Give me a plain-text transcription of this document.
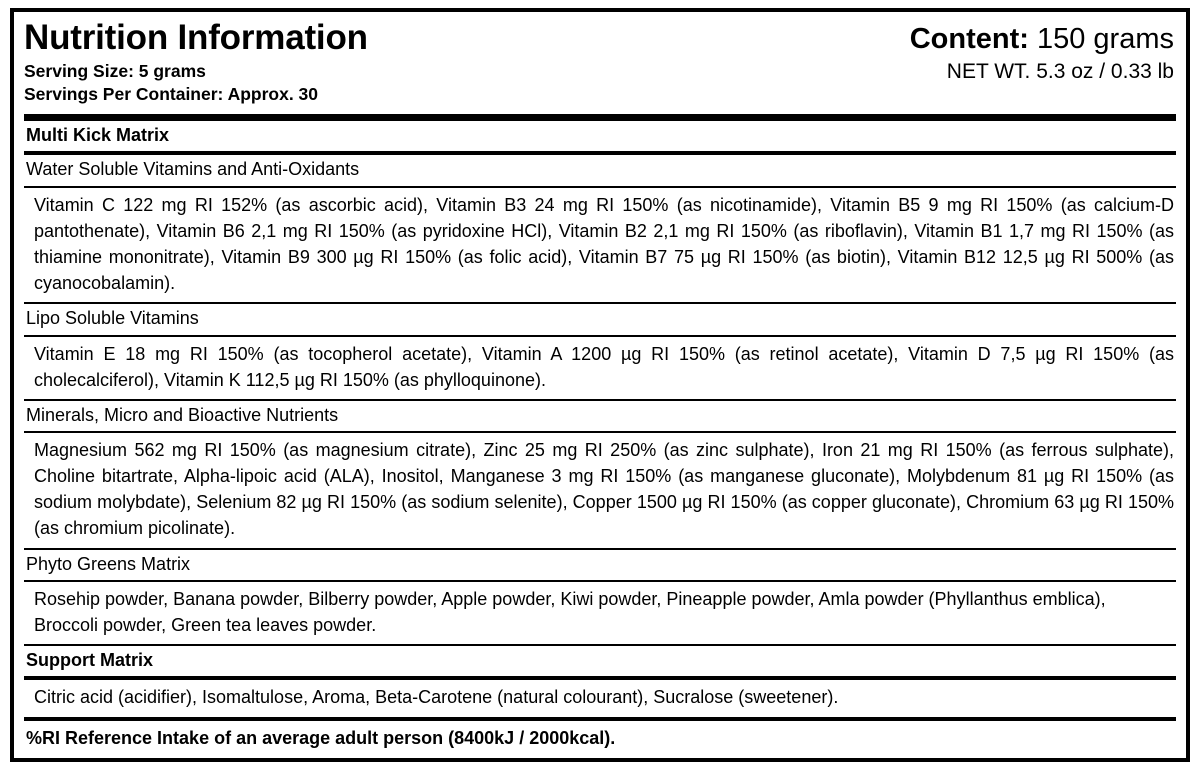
Nutrition Information
Serving Size: 5 grams
Servings Per Container: Approx. 30
Content: 150 grams
NET WT. 5.3 oz / 0.33 lb
Multi Kick Matrix
Water Soluble Vitamins and Anti-Oxidants
Vitamin C 122 mg RI 152% (as ascorbic acid), Vitamin B3 24 mg RI 150% (as nicotinamide), Vitamin B5 9 mg RI 150% (as calcium-D pantothenate), Vitamin B6 2,1 mg RI 150% (as pyridoxine HCl), Vitamin B2 2,1 mg RI 150% (as riboflavin), Vitamin B1 1,7 mg RI 150% (as thiamine mononitrate), Vitamin B9 300 µg RI 150% (as folic acid), Vitamin B7 75 µg RI 150% (as biotin), Vitamin B12 12,5 µg RI 500% (as cyanocobalamin).
Lipo Soluble Vitamins
Vitamin E 18 mg RI 150% (as tocopherol acetate), Vitamin A 1200 µg RI 150% (as retinol acetate), Vitamin D 7,5 µg RI 150% (as cholecalciferol), Vitamin K 112,5 µg RI 150% (as phylloquinone).
Minerals, Micro and Bioactive Nutrients
Magnesium 562 mg RI 150% (as magnesium citrate), Zinc 25 mg RI 250% (as zinc sulphate), Iron 21 mg RI 150% (as ferrous sulphate), Choline bitartrate, Alpha-lipoic acid (ALA), Inositol, Manganese 3 mg RI 150% (as manganese gluconate), Molybdenum 81 µg RI 150% (as sodium molybdate), Selenium 82 µg RI 150% (as sodium selenite), Copper 1500 µg RI 150% (as copper gluconate), Chromium 63 µg RI 150% (as chromium picolinate).
Phyto Greens Matrix
Rosehip powder, Banana powder, Bilberry powder, Apple powder, Kiwi powder, Pineapple powder, Amla powder (Phyllanthus emblica), Broccoli powder, Green tea leaves powder.
Support Matrix
Citric acid (acidifier), Isomaltulose, Aroma, Beta-Carotene (natural colourant), Sucralose (sweetener).
%RI Reference Intake of an average adult person (8400kJ / 2000kcal).
